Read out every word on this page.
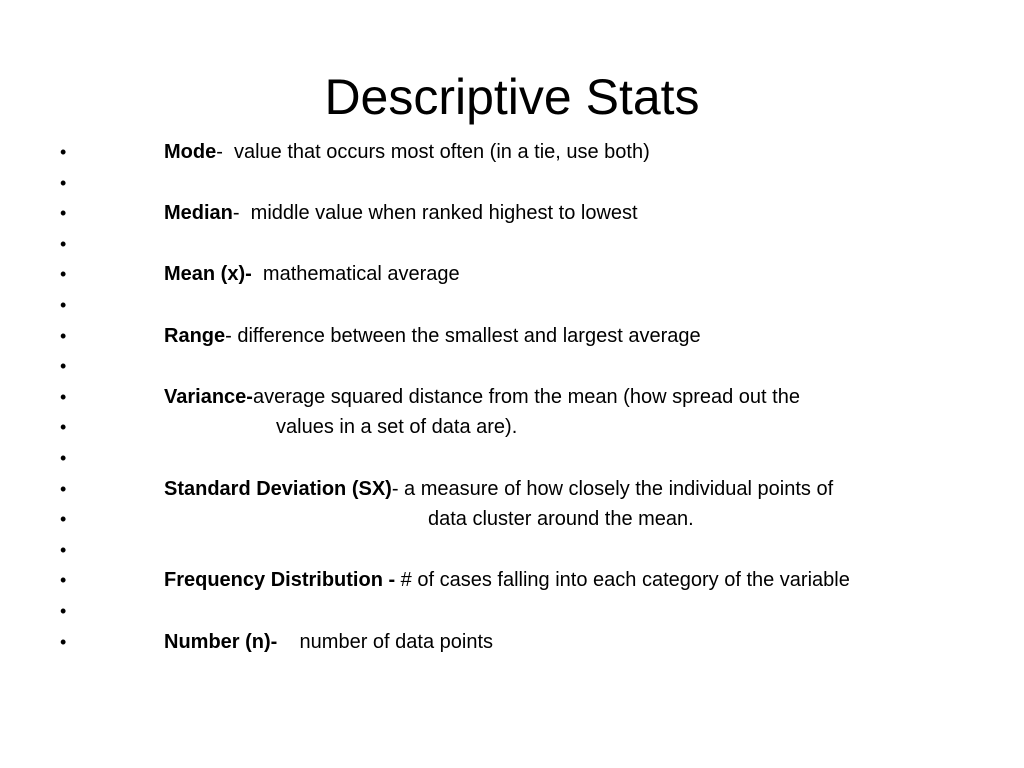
Descriptive Stats
•	Mode-  value that occurs most often (in a tie, use both)
•
•	Median-  middle value when ranked highest to lowest
•
•	Mean (x)-  mathematical average
•
•	Range- difference between the smallest and largest average
•
•	Variance-average squared distance from the mean (how spread out the
•	values in a set of data are).
•
•	Standard Deviation (SX)- a measure of how closely the individual points of
•	data cluster around the mean.
•
•	Frequency Distribution - # of cases falling into each category of the variable
•
•	Number (n)-    number of data points
